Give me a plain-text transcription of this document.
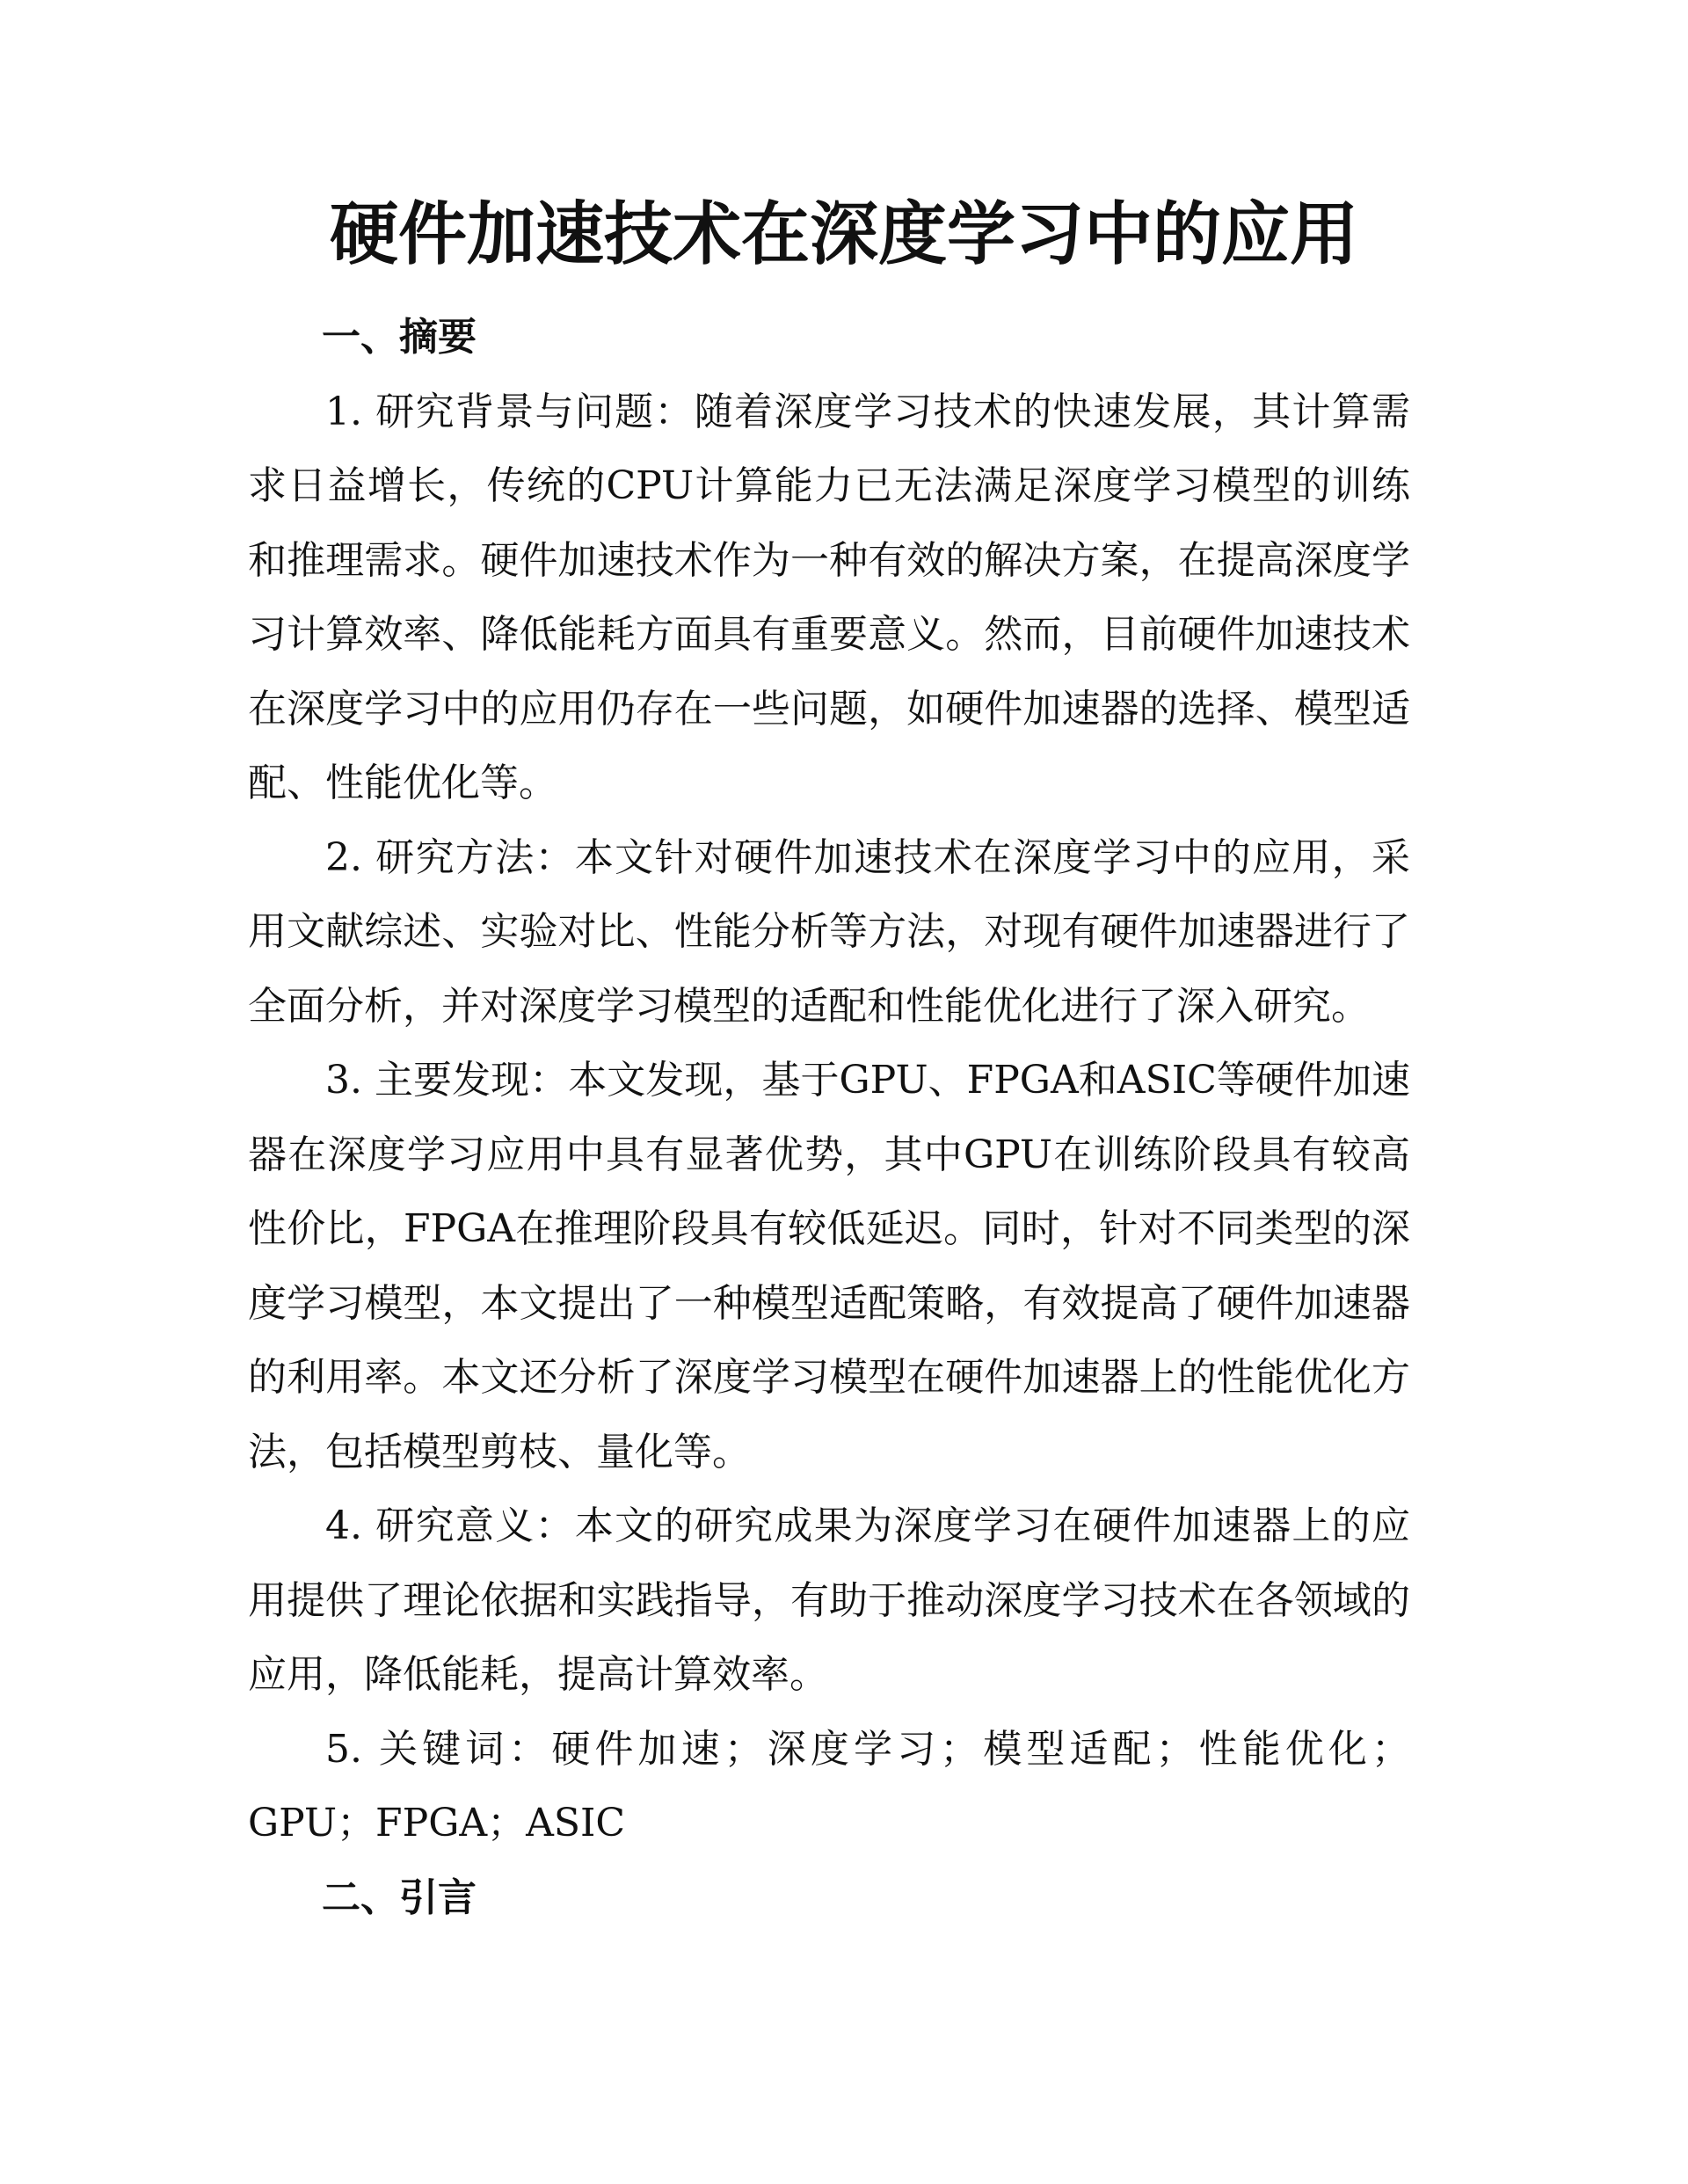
硬件加速技术在深度学习中的应用

一、摘要

1. 研究背景与问题：随着深度学习技术的快速发展，其计算需求日益增长，传统的CPU计算能力已无法满足深度学习模型的训练和推理需求。硬件加速技术作为一种有效的解决方案，在提高深度学习计算效率、降低能耗方面具有重要意义。然而，目前硬件加速技术在深度学习中的应用仍存在一些问题，如硬件加速器的选择、模型适配、性能优化等。

2. 研究方法：本文针对硬件加速技术在深度学习中的应用，采用文献综述、实验对比、性能分析等方法，对现有硬件加速器进行了全面分析，并对深度学习模型的适配和性能优化进行了深入研究。

3. 主要发现：本文发现，基于GPU、FPGA和ASIC等硬件加速器在深度学习应用中具有显著优势，其中GPU在训练阶段具有较高性价比，FPGA在推理阶段具有较低延迟。同时，针对不同类型的深度学习模型，本文提出了一种模型适配策略，有效提高了硬件加速器的利用率。本文还分析了深度学习模型在硬件加速器上的性能优化方法，包括模型剪枝、量化等。

4. 研究意义：本文的研究成果为深度学习在硬件加速器上的应用提供了理论依据和实践指导，有助于推动深度学习技术在各领域的应用，降低能耗，提高计算效率。

5. 关键词：硬件加速；深度学习；模型适配；性能优化；GPU；FPGA；ASIC

二、引言
